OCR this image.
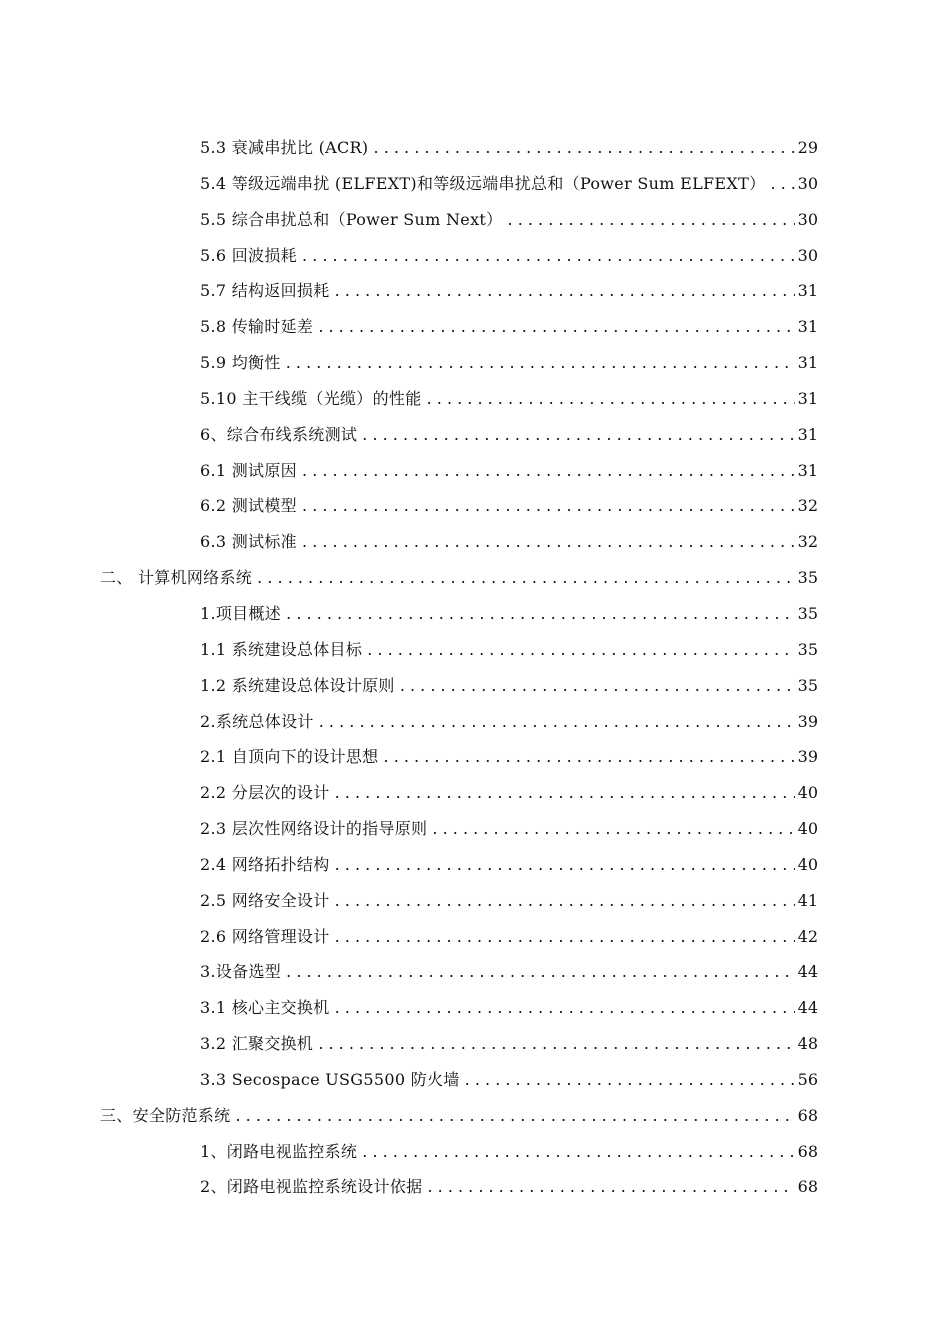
5.3 衰减串扰比 (ACR) . . .	29
5.4 等级远端串扰 (ELFEXT)和等级远端串扰总和（Power Sum ELFEXT） . . .	30
5.5 综合串扰总和（Power Sum Next） . . .	30
5.6 回波损耗 . . .	30
5.7 结构返回损耗 . . .	31
5.8 传输时延差 . . .	31
5.9 均衡性 . . .	31
5.10 主干线缆（光缆）的性能 . . .	31
6、综合布线系统测试 . . .	31
6.1 测试原因 . . .	31
6.2 测试模型 . . .	32
6.3 测试标准 . . .	32
二、 计算机网络系统 . . .	35
1.项目概述 . . .	35
1.1 系统建设总体目标 . . .	35
1.2 系统建设总体设计原则 . . .	35
2.系统总体设计 . . .	39
2.1 自顶向下的设计思想 . . .	39
2.2 分层次的设计 . . .	40
2.3 层次性网络设计的指导原则 . . .	40
2.4 网络拓扑结构 . . .	40
2.5 网络安全设计 . . .	41
2.6 网络管理设计 . . .	42
3.设备选型 . . .	44
3.1 核心主交换机 . . .	44
3.2 汇聚交换机 . . .	48
3.3 Secospace USG5500 防火墙 . . .	56
三、安全防范系统 . . .	68
1、闭路电视监控系统 . . .	68
2、闭路电视监控系统设计依据 . . .	68
